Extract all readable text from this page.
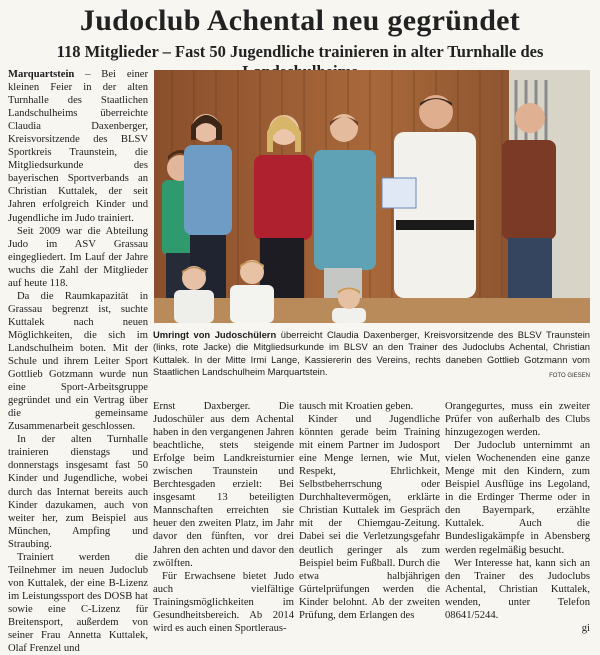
Judoclub Achental neu gegründet
118 Mitglieder – Fast 50 Jugendliche trainieren in alter Turnhalle des

Marquartstein – Bei einer kleinen Feier in der alten Turnhalle des Staatlichen Landschulheims überreichte Claudia Daxenberger, Kreisvorsitzende des BLSV Sportkreis Traunstein, die Mitgliedsurkunde des bayerischen Sportverbands an Christian Kuttalek, der seit Jahren erfolgreich Kinder und Jugendliche im Judo trainiert.

Seit 2009 war die Abteilung Judo im ASV Grassau eingegliedert. Im Lauf der Jahre wuchs die Zahl der Mitglieder auf heute 118.

Da die Raumkapazität in Grassau begrenzt ist, suchte Kuttalek nach neuen Möglichkeiten, die sich im Landschulheim boten. Mit der Schule und ihrem Leiter Sport Gottlieb Gotzmann wurde nun eine Sport-Arbeitsgruppe gegründet und ein Vertrag über die gemeinsame Zusammenarbeit geschlossen.

In der alten Turnhalle trainieren dienstags und donnerstags insgesamt fast 50 Kinder und Jugendliche, wobei durch das Internat bereits auch Kinder dazukamen, auch von weiter her, zum Beispiel aus München, Ampfing und Straubing.

Trainiert werden die Teilnehmer im neuen Judoclub von Kuttalek, der eine B-Lizenz im Leistungssport des DOSB hat sowie eine C-Lizenz für Breitensport, außerdem von seiner Frau Annetta Kuttalek, Olaf Frenzel und

Umringt von Judoschülern überreicht Claudia Daxenberger, Kreisvorsitzende des BLSV Traunstein (links, rote Jacke) die Mitgliedsurkunde im BLSV an den Trainer des Judoclubs Achental, Christian Kuttalek. In der Mitte Irmi Lange, Kassiererin des Vereins, rechts daneben Gottlieb Gotzmann vom Staatlichen Landschulheim Marquartstein.	FOTO GIESEN

Ernst Daxberger. Die Judoschüler aus dem Achental haben in den vergangenen Jahren beachtliche, stets steigende Erfolge beim Landkreisturnier zwischen Traunstein und Berchtesgaden erzielt: Bei insgesamt 13 beteiligten Mannschaften erreichten sie heuer den zweiten Platz, im Jahr davor den fünften, vor drei Jahren den achten und davor den zwölften.

Für Erwachsene bietet Judo auch vielfältige Trainingsmöglichkeiten im Gesundheitsbereich. Ab 2014 wird es auch einen Sportleraus-

tausch mit Kroatien geben.

Kinder und Jugendliche könnten gerade beim Training mit einem Partner im Judosport eine Menge lernen, wie Mut, Respekt, Ehrlichkeit, Selbstbeherrschung oder Durchhaltevermögen, erklärte Christian Kuttalek im Gespräch mit der Chiemgau-Zeitung. Dabei sei die Verletzungsgefahr deutlich geringer als zum Beispiel beim Fußball. Durch die etwa halbjährigen Gürtelprüfungen werden die Kinder belohnt. Ab der zweiten Prüfung, dem Erlangen des

Orangegurtes, muss ein zweiter Prüfer von außerhalb des Clubs hinzugezogen werden.

Der Judoclub unternimmt an vielen Wochenenden eine ganze Menge mit den Kindern, zum Beispiel Ausflüge ins Legoland, in die Erdinger Therme oder in den Bayernpark, erzählte Kuttalek. Auch die Bundesligakämpfe in Abensberg werden regelmäßig besucht.

Wer Interesse hat, kann sich an den Trainer des Judoclubs Achental, Christian Kuttalek, wenden, unter Telefon 08641/5244.

gi
